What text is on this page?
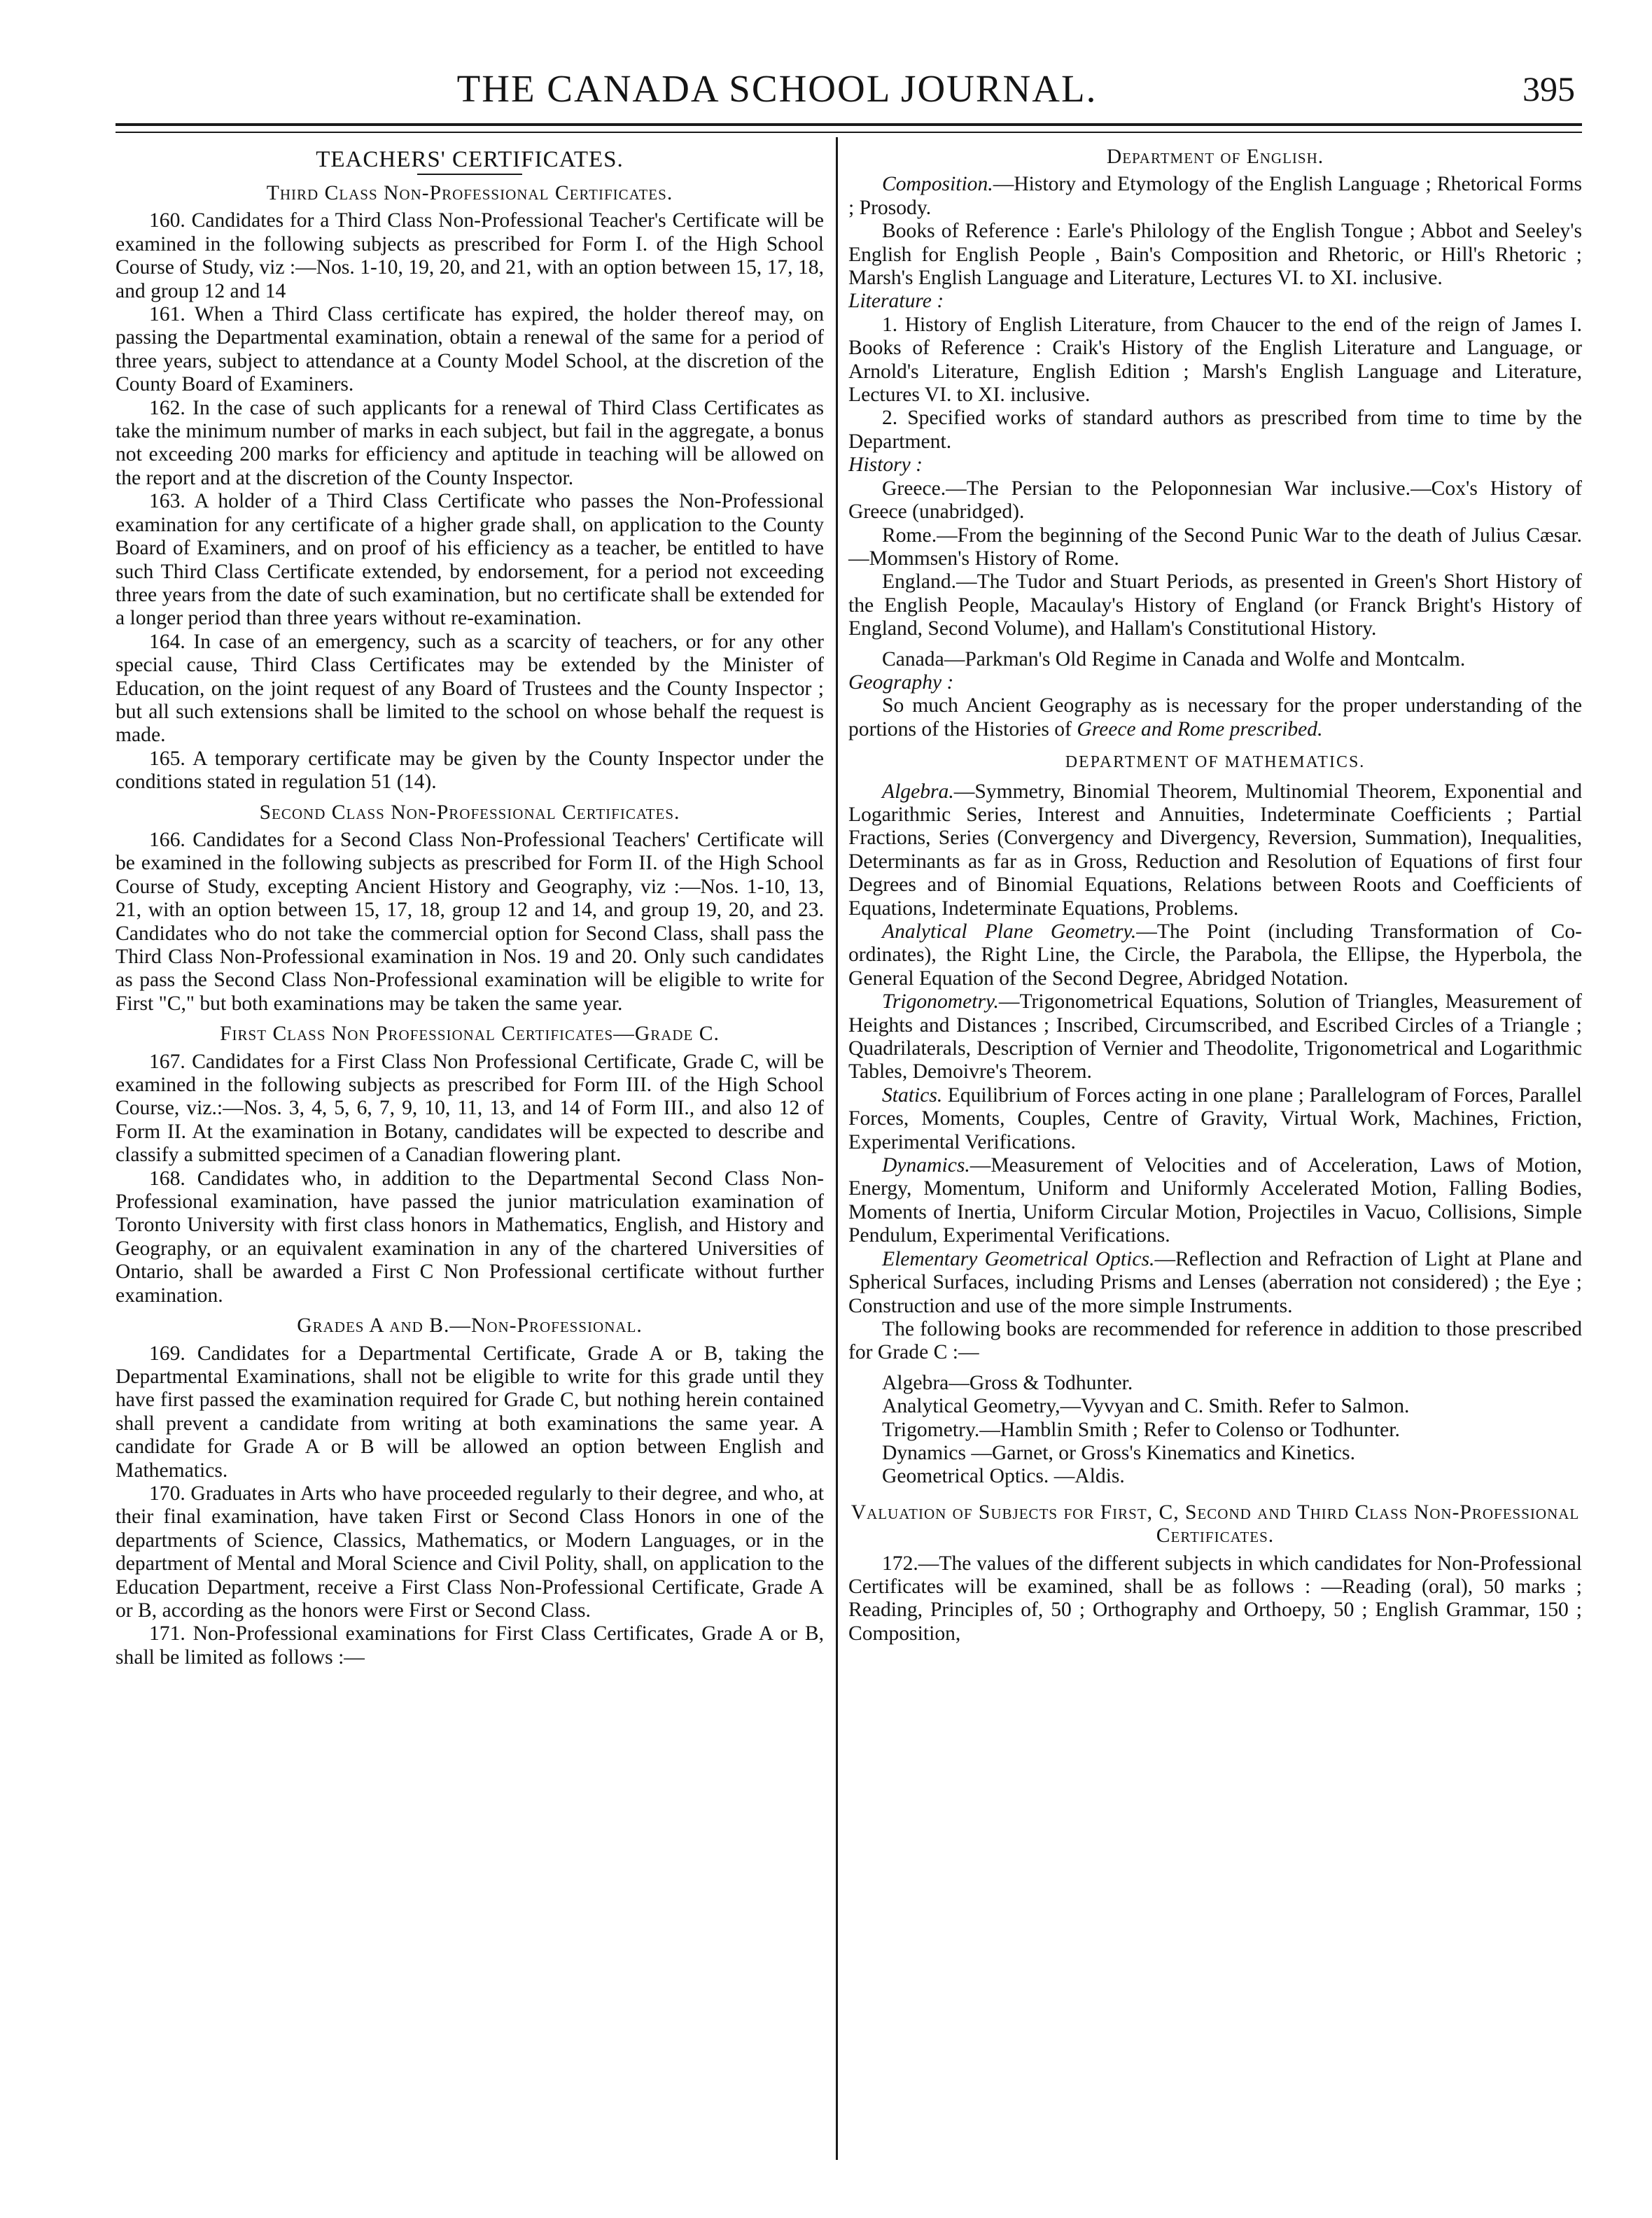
THE CANADA SCHOOL JOURNAL.	395

TEACHERS' CERTIFICATES.

Third Class Non-Professional Certificates.

160. Candidates for a Third Class Non-Professional Teacher's Certificate will be examined in the following subjects as prescribed for Form I. of the High School Course of Study, viz :—Nos. 1-10, 19, 20, and 21, with an option between 15, 17, 18, and group 12 and 14

161. When a Third Class certificate has expired, the holder thereof may, on passing the Departmental examination, obtain a renewal of the same for a period of three years, subject to attendance at a County Model School, at the discretion of the County Board of Examiners.

162. In the case of such applicants for a renewal of Third Class Certificates as take the minimum number of marks in each subject, but fail in the aggregate, a bonus not exceeding 200 marks for efficiency and aptitude in teaching will be allowed on the report and at the discretion of the County Inspector.

163. A holder of a Third Class Certificate who passes the Non-Professional examination for any certificate of a higher grade shall, on application to the County Board of Examiners, and on proof of his efficiency as a teacher, be entitled to have such Third Class Certificate extended, by endorsement, for a period not exceeding three years from the date of such examination, but no certificate shall be extended for a longer period than three years without re-examination.

164. In case of an emergency, such as a scarcity of teachers, or for any other special cause, Third Class Certificates may be extended by the Minister of Education, on the joint request of any Board of Trustees and the County Inspector ; but all such extensions shall be limited to the school on whose behalf the request is made.

165. A temporary certificate may be given by the County Inspector under the conditions stated in regulation 51 (14).

Second Class Non-Professional Certificates.

166. Candidates for a Second Class Non-Professional Teachers' Certificate will be examined in the following subjects as prescribed for Form II. of the High School Course of Study, excepting Ancient History and Geography, viz :—Nos. 1-10, 13, 21, with an option between 15, 17, 18, group 12 and 14, and group 19, 20, and 23. Candidates who do not take the commercial option for Second Class, shall pass the Third Class Non-Professional examination in Nos. 19 and 20. Only such candidates as pass the Second Class Non-Professional examination will be eligible to write for First "C," but both examinations may be taken the same year.

First Class Non Professional Certificates—Grade C.

167. Candidates for a First Class Non Professional Certificate, Grade C, will be examined in the following subjects as prescribed for Form III. of the High School Course, viz.:—Nos. 3, 4, 5, 6, 7, 9, 10, 11, 13, and 14 of Form III., and also 12 of Form II. At the examination in Botany, candidates will be expected to describe and classify a submitted specimen of a Canadian flowering plant.

168. Candidates who, in addition to the Departmental Second Class Non-Professional examination, have passed the junior matriculation examination of Toronto University with first class honors in Mathematics, English, and History and Geography, or an equivalent examination in any of the chartered Universities of Ontario, shall be awarded a First C Non Professional certificate without further examination.

Grades A and B.—Non-Professional.

169. Candidates for a Departmental Certificate, Grade A or B, taking the Departmental Examinations, shall not be eligible to write for this grade until they have first passed the examination required for Grade C, but nothing herein contained shall prevent a candidate from writing at both examinations the same year. A candidate for Grade A or B will be allowed an option between English and Mathematics.

170. Graduates in Arts who have proceeded regularly to their degree, and who, at their final examination, have taken First or Second Class Honors in one of the departments of Science, Classics, Mathematics, or Modern Languages, or in the department of Mental and Moral Science and Civil Polity, shall, on application to the Education Department, receive a First Class Non-Professional Certificate, Grade A or B, according as the honors were First or Second Class.

171. Non-Professional examinations for First Class Certificates, Grade A or B, shall be limited as follows :—

Department of English.

Composition.—History and Etymology of the English Language ; Rhetorical Forms ; Prosody.

Books of Reference : Earle's Philology of the English Tongue ; Abbot and Seeley's English for English People , Bain's Composition and Rhetoric, or Hill's Rhetoric ; Marsh's English Language and Literature, Lectures VI. to XI. inclusive.

Literature :

1. History of English Literature, from Chaucer to the end of the reign of James I. Books of Reference : Craik's History of the English Literature and Language, or Arnold's Literature, English Edition ; Marsh's English Language and Literature, Lectures VI. to XI. inclusive.

2. Specified works of standard authors as prescribed from time to time by the Department.

History :

Greece.—The Persian to the Peloponnesian War inclusive.—Cox's History of Greece (unabridged).

Rome.—From the beginning of the Second Punic War to the death of Julius Cæsar.—Mommsen's History of Rome.

England.—The Tudor and Stuart Periods, as presented in Green's Short History of the English People, Macaulay's History of England (or Franck Bright's History of England, Second Volume), and Hallam's Constitutional History.

Canada—Parkman's Old Regime in Canada and Wolfe and Montcalm.

Geography :

So much Ancient Geography as is necessary for the proper understanding of the portions of the Histories of Greece and Rome prescribed.

DEPARTMENT OF MATHEMATICS.

Algebra.—Symmetry, Binomial Theorem, Multinomial Theorem, Exponential and Logarithmic Series, Interest and Annuities, Indeterminate Coefficients ; Partial Fractions, Series (Convergency and Divergency, Reversion, Summation), Inequalities, Determinants as far as in Gross, Reduction and Resolution of Equations of first four Degrees and of Binomial Equations, Relations between Roots and Coefficients of Equations, Indeterminate Equations, Problems.

Analytical Plane Geometry.—The Point (including Transformation of Co-ordinates), the Right Line, the Circle, the Parabola, the Ellipse, the Hyperbola, the General Equation of the Second Degree, Abridged Notation.

Trigonometry.—Trigonometrical Equations, Solution of Triangles, Measurement of Heights and Distances ; Inscribed, Circumscribed, and Escribed Circles of a Triangle ; Quadrilaterals, Description of Vernier and Theodolite, Trigonometrical and Logarithmic Tables, Demoivre's Theorem.

Statics. Equilibrium of Forces acting in one plane ; Parallelogram of Forces, Parallel Forces, Moments, Couples, Centre of Gravity, Virtual Work, Machines, Friction, Experimental Verifications.

Dynamics.—Measurement of Velocities and of Acceleration, Laws of Motion, Energy, Momentum, Uniform and Uniformly Accelerated Motion, Falling Bodies, Moments of Inertia, Uniform Circular Motion, Projectiles in Vacuo, Collisions, Simple Pendulum, Experimental Verifications.

Elementary Geometrical Optics.—Reflection and Refraction of Light at Plane and Spherical Surfaces, including Prisms and Lenses (aberration not considered) ; the Eye ; Construction and use of the more simple Instruments.

The following books are recommended for reference in addition to those prescribed for Grade C :—

Algebra—Gross & Todhunter.

Analytical Geometry,—Vyvyan and C. Smith. Refer to Salmon.

Trigometry.—Hamblin Smith ; Refer to Colenso or Todhunter.

Dynamics —Garnet, or Gross's Kinematics and Kinetics.

Geometrical Optics. —Aldis.

Valuation of Subjects for First, C, Second and Third Class Non-Professional Certificates.

172.—The values of the different subjects in which candidates for Non-Professional Certificates will be examined, shall be as follows : —Reading (oral), 50 marks ; Reading, Principles of, 50 ; Orthography and Orthoepy, 50 ; English Grammar, 150 ; Composition,
